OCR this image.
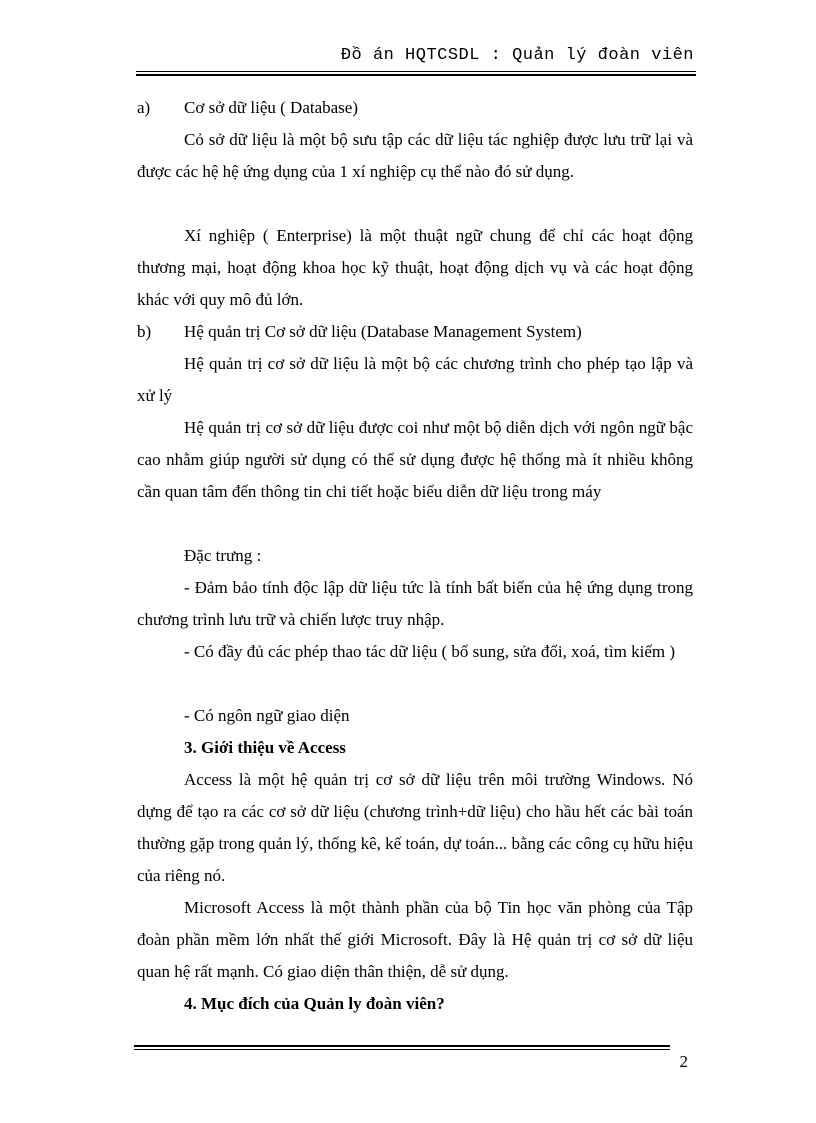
Đồ án HQTCSDL : Quản lý đoàn viên

a) Cơ sở dữ liệu ( Database)

Cỏ sở dữ liệu là một bộ sưu tập các dữ liệu tác nghiệp được lưu trữ lại và được các hệ hệ ứng dụng của 1 xí nghiệp cụ thể nào đó sử dụng.

Xí nghiệp ( Enterprise) là một thuật ngữ chung để chỉ các hoạt động thương mại, hoạt động khoa học kỹ thuật, hoạt động dịch vụ và các hoạt động khác với quy mô đủ lớn.

b) Hệ quản trị Cơ sở dữ liệu (Database Management System)

Hệ quản trị cơ sở dữ liệu là một bộ các chương trình cho phép tạo lập và xử lý

Hệ quản trị cơ sở dữ liệu được coi như một bộ diễn dịch với ngôn ngữ bậc cao nhằm giúp người sử dụng có thể sử dụng được hệ thống mà ít nhiều không cần quan tâm đến thông tin chi tiết hoặc biểu diễn dữ liệu trong máy

Đặc trưng :

- Đảm bảo tính độc lập dữ liệu tức là tính bất biến của hệ ứng dụng trong chương trình lưu trữ và chiến lược truy nhập.

- Có đầy đủ các phép thao tác dữ liệu ( bổ sung, sửa đổi, xoá, tìm kiếm )

- Có ngôn ngữ giao diện

3. Giới thiệu về Access

Access là một hệ quản trị cơ sở dữ liệu trên môi trường Windows. Nó dựng để tạo ra các cơ sở dữ liệu (chương trình+dữ liệu) cho hầu hết các bài toán thường gặp trong quản lý, thống kê, kế toán, dự toán... bằng các công cụ hữu hiệu của riêng nó.

Microsoft Access là một thành phần của bộ Tin học văn phòng của Tập đoàn phần mềm lớn nhất thế giới Microsoft. Đây là Hệ quản trị cơ sở dữ liệu quan hệ rất mạnh. Có giao diện thân thiện, dễ sử dụng.

4. Mục đích của Quản ly đoàn viên?

2
